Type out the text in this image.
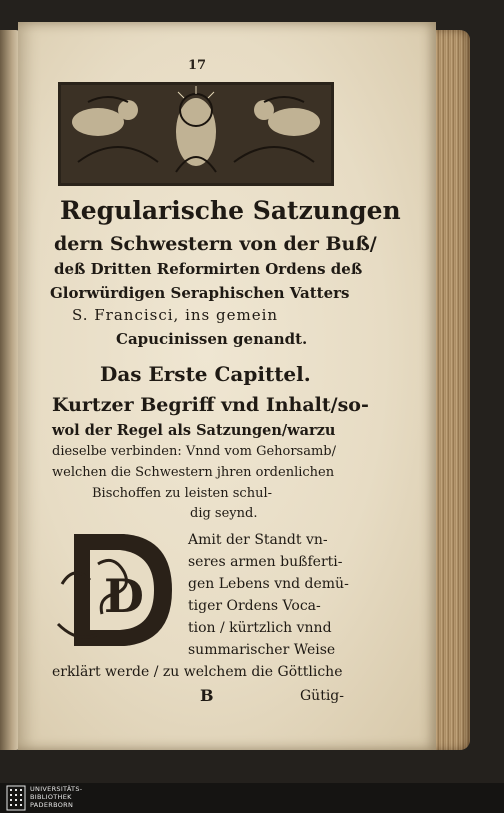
17
Regularische Satzungen
dern Schwestern von der Buß/
deß Dritten Reformirten Ordens deß
Glorwürdigen Seraphischen Vatters
S. Francisci, ins gemein
Capucinissen genandt.
Das Erste Capittel.
Kurtzer Begriff vnd Inhalt/so-
wol der Regel als Satzungen/warzu
dieselbe verbinden: Vnnd vom Gehorsamb/
welchen die Schwestern jhren ordenlichen
Bischoffen zu leisten schul-
dig seynd.
D
Amit der Standt vn-
seres armen bußferti-
gen Lebens vnd demü-
tiger Ordens Voca-
tion / kürtzlich vnnd
summarischer Weise
erklärt werde / zu welchem die Göttliche
B	Gütig-
UNIVERSITÄTS-
BIBLIOTHEK
PADERBORN
